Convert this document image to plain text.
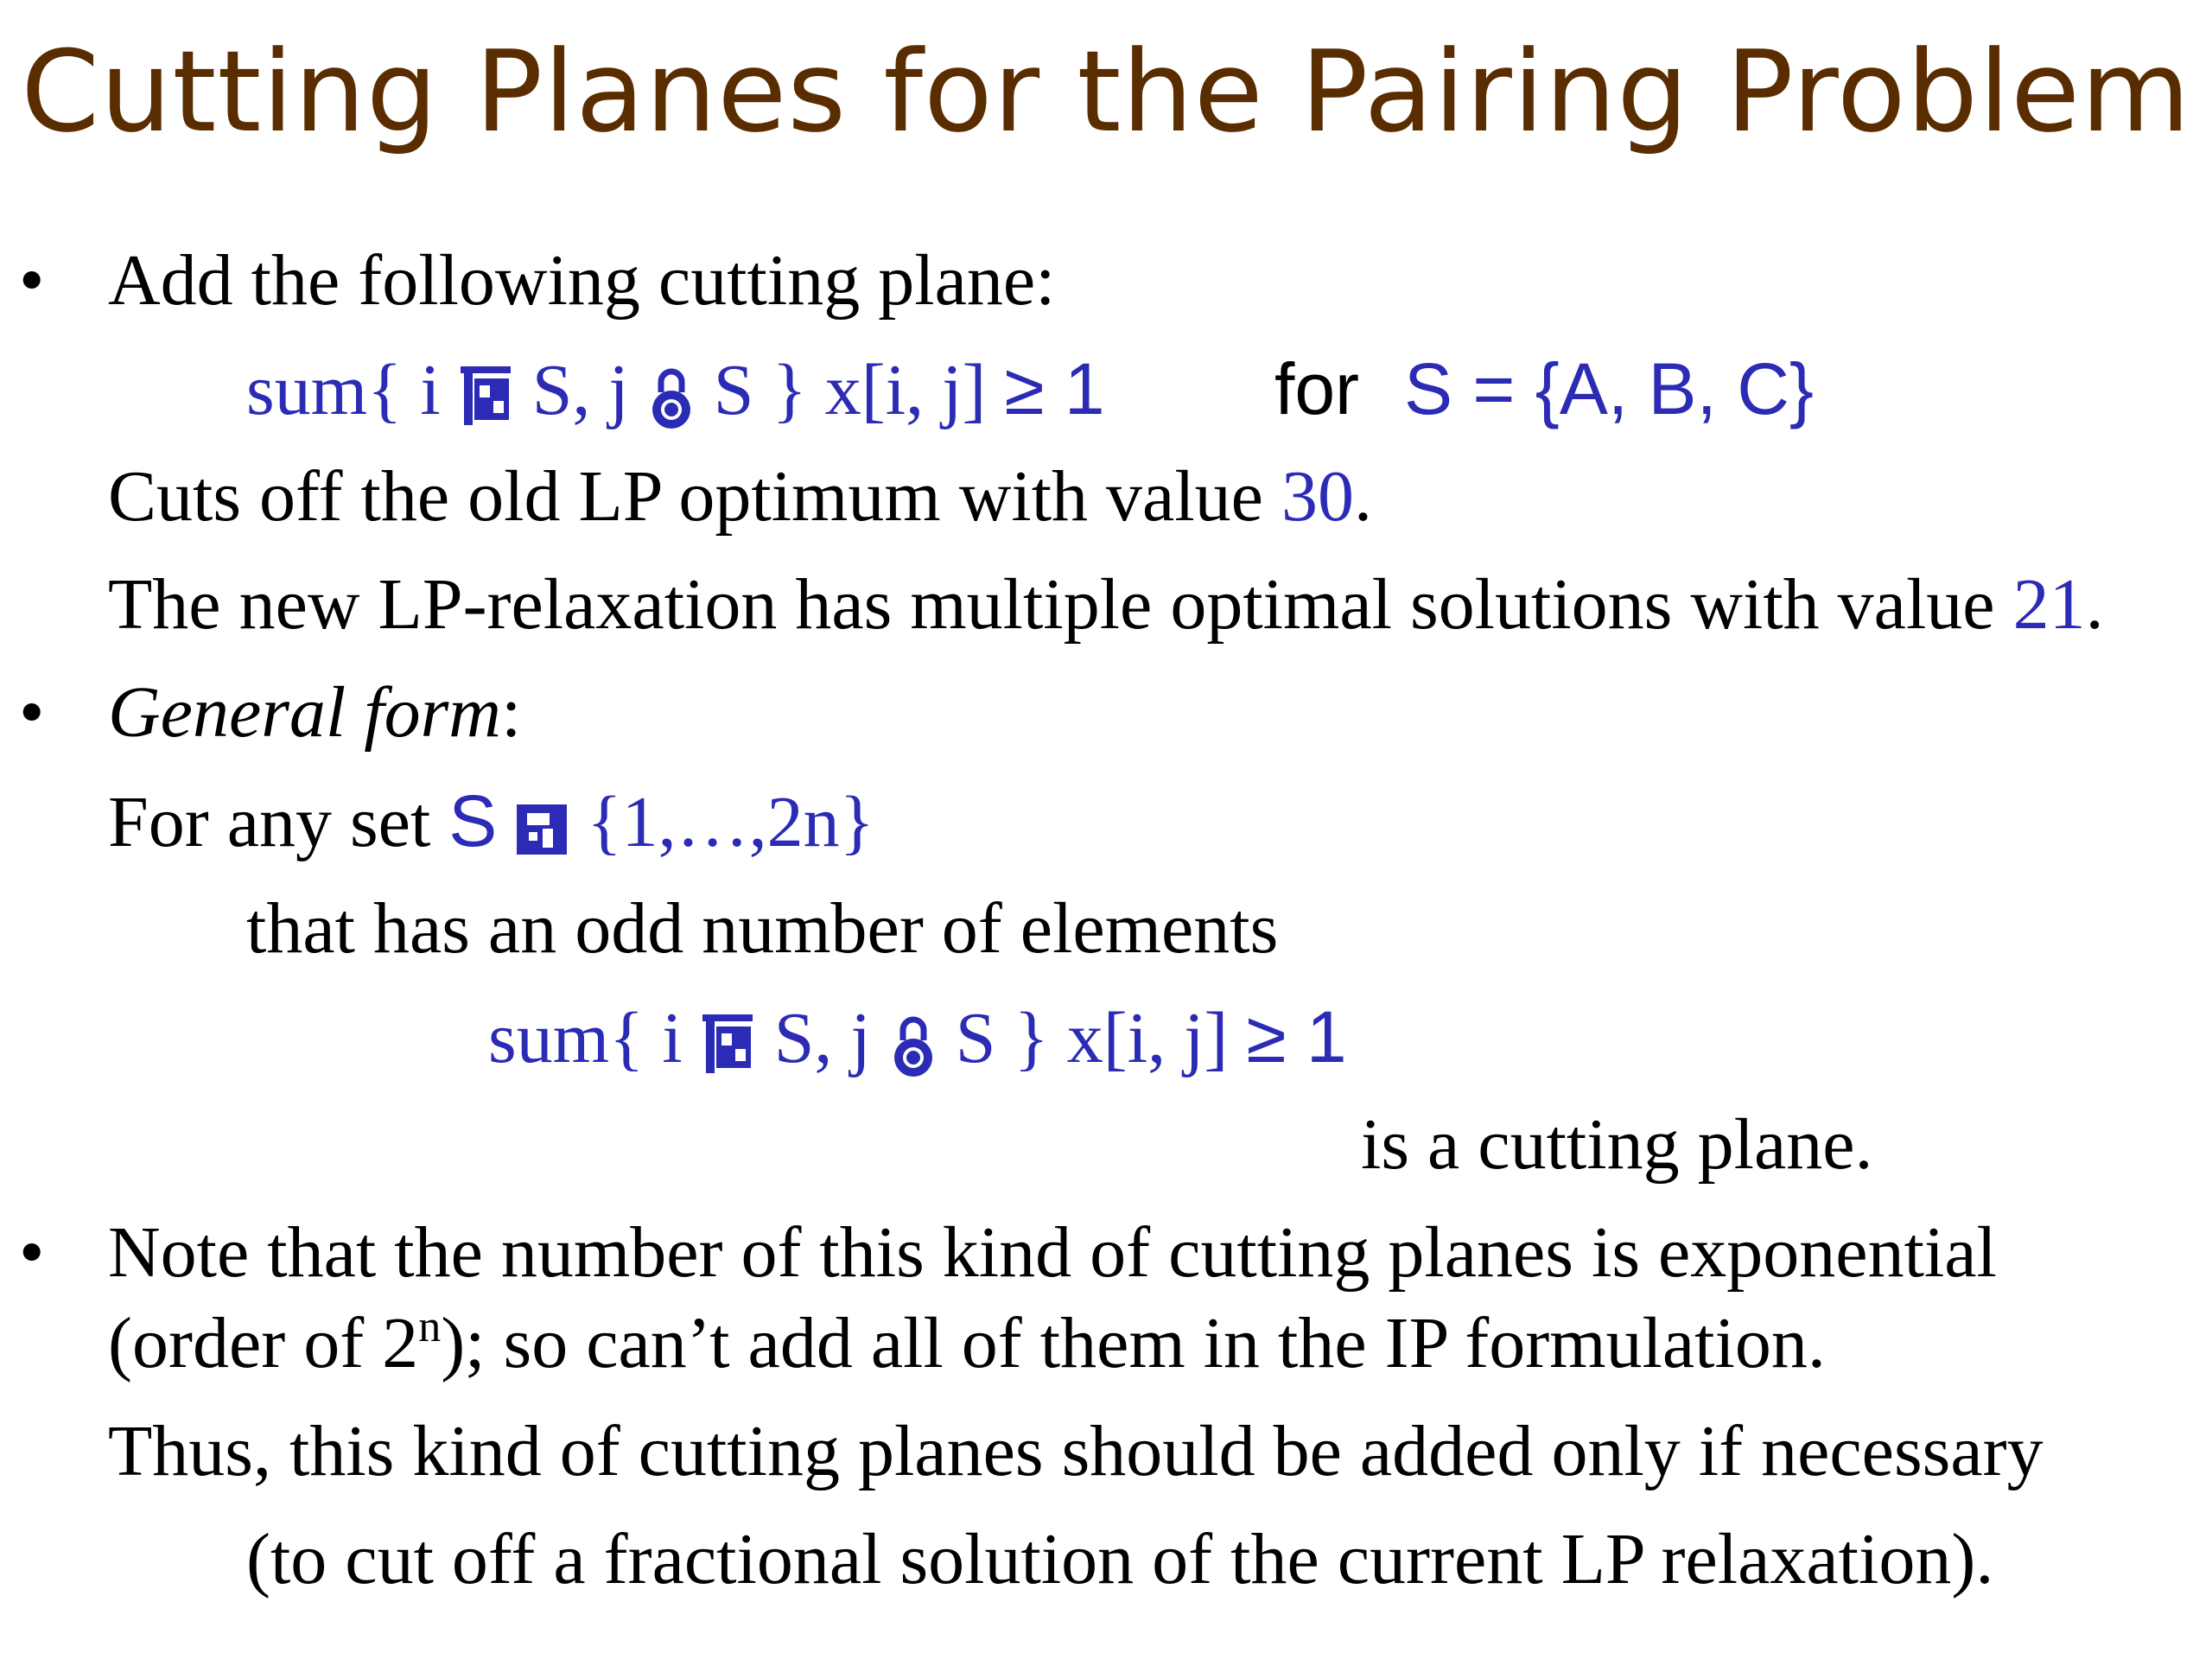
Cutting Planes for the Pairing Problem
• Add the following cutting plane:
sum{ i S, j S } x[i, j] ≥ 1 for S = {A, B, C}
Cuts off the old LP optimum with value 30.
The new LP-relaxation has multiple optimal solutions with value 21.
• General form:
For any set S {1,…,2n}
that has an odd number of elements
sum{ i S, j S } x[i, j] ≥ 1
is a cutting plane.
• Note that the number of this kind of cutting planes is exponential
(order of 2$^n$); so can’t add all of them in the IP formulation.
Thus, this kind of cutting planes should be added only if necessary
(to cut off a fractional solution of the current LP relaxation).
